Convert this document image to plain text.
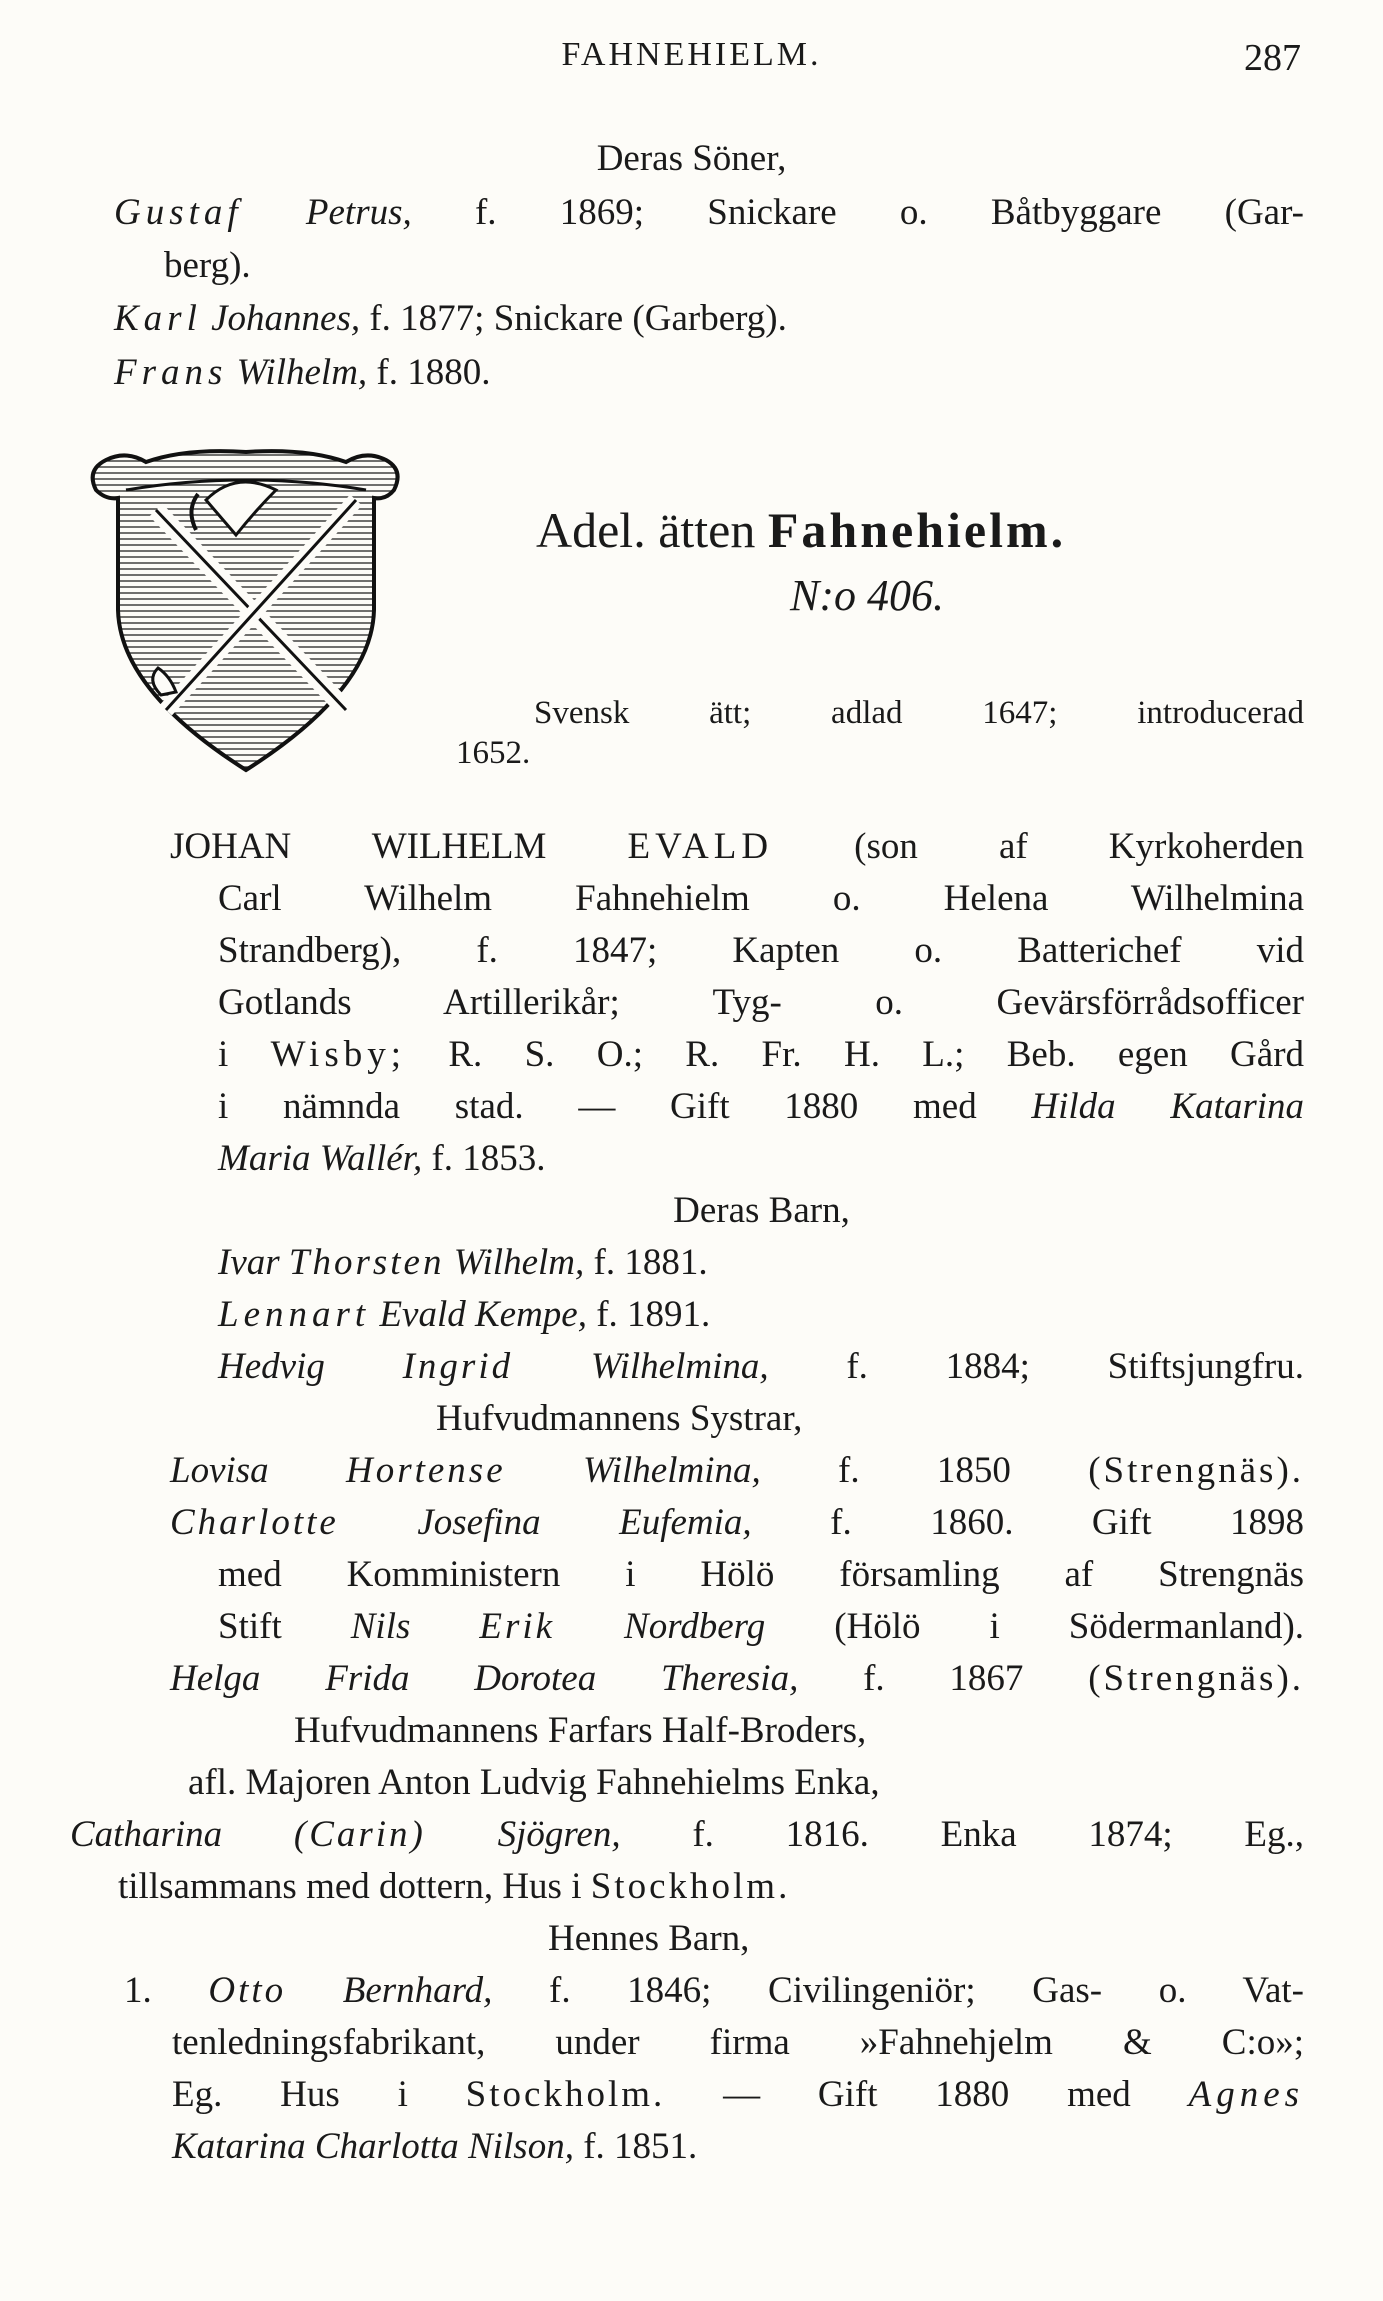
FAHNEHIELM.	287
Deras Söner,
Gustaf Petrus, f. 1869; Snickare o. Båtbyggare (Gar-
berg).
Karl Johannes, f. 1877; Snickare (Garberg).
Frans Wilhelm, f. 1880.
Adel. ätten Fahnehielm.
N:o 406.
Svensk ätt; adlad 1647; introducerad
1652.
JOHAN WILHELM EVALD (son af Kyrkoherden
Carl Wilhelm Fahnehielm o. Helena Wilhelmina
Strandberg), f. 1847; Kapten o. Batterichef vid
Gotlands Artillerikår; Tyg- o. Gevärsförrådsofficer
i Wisby; R. S. O.; R. Fr. H. L.; Beb. egen Gård
i nämnda stad. — Gift 1880 med Hilda Katarina
Maria Wallér, f. 1853.
Deras Barn,
Ivar Thorsten Wilhelm, f. 1881.
Lennart Evald Kempe, f. 1891.
Hedvig Ingrid Wilhelmina, f. 1884; Stiftsjungfru.
Hufvudmannens Systrar,
Lovisa Hortense Wilhelmina, f. 1850 (Strengnäs).
Charlotte Josefina Eufemia, f. 1860. Gift 1898
med Komministern i Hölö församling af Strengnäs
Stift Nils Erik Nordberg (Hölö i Södermanland).
Helga Frida Dorotea Theresia, f. 1867 (Strengnäs).
Hufvudmannens Farfars Half-Broders,
afl. Majoren Anton Ludvig Fahnehielms Enka,
Catharina (Carin) Sjögren, f. 1816. Enka 1874; Eg.,
tillsammans med dottern, Hus i Stockholm.
Hennes Barn,
1. Otto Bernhard, f. 1846; Civilingeniör; Gas- o. Vat-
tenledningsfabrikant, under firma »Fahnehjelm & C:o»;
Eg. Hus i Stockholm. — Gift 1880 med Agnes
Katarina Charlotta Nilson, f. 1851.
